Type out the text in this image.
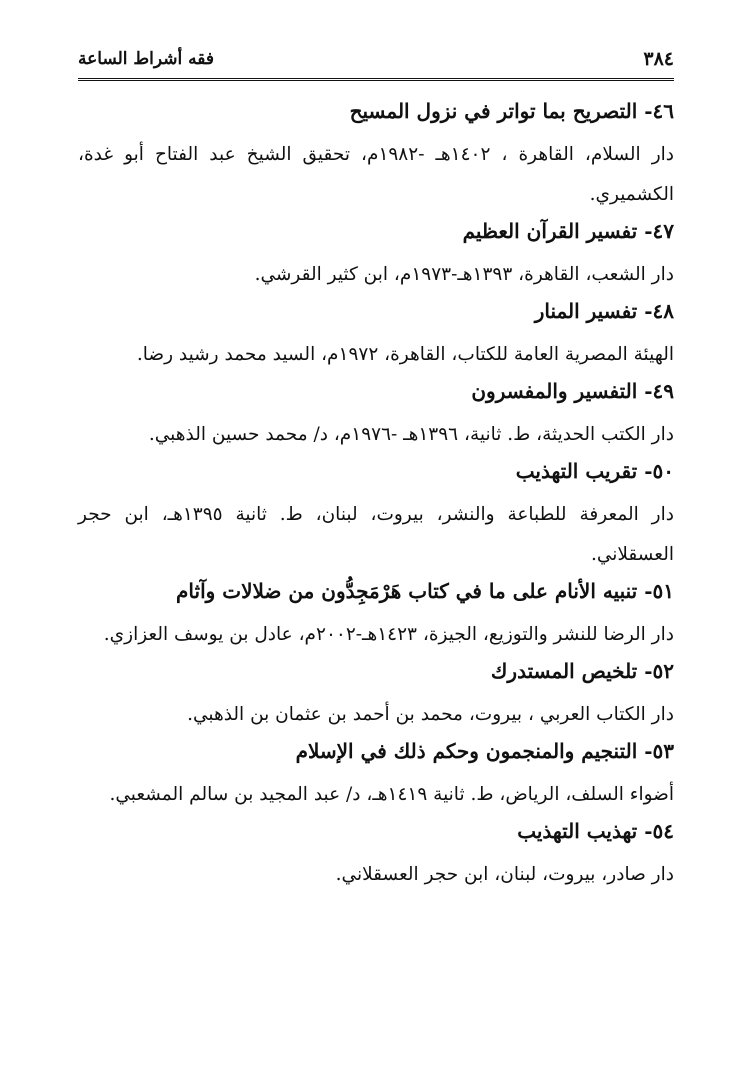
٣٨٤
فقه أشراط الساعة

٤٦- التصريح بما تواتر في نزول المسيح

دار السلام، القاهرة ، ١٤٠٢هـ -١٩٨٢م، تحقيق الشيخ عبد الفتاح أبو غدة، الكشميري.

٤٧- تفسير القرآن العظيم

دار الشعب، القاهرة، ١٣٩٣هـ-١٩٧٣م، ابن كثير القرشي.

٤٨- تفسير المنار

الهيئة المصرية العامة للكتاب، القاهرة، ١٩٧٢م، السيد محمد رشيد رضا.

٤٩- التفسير والمفسرون

دار الكتب الحديثة، ط. ثانية، ١٣٩٦هـ -١٩٧٦م، د/ محمد حسين الذهبي.

٥٠- تقريب التهذيب

دار المعرفة للطباعة والنشر، بيروت، لبنان، ط. ثانية ١٣٩٥هـ، ابن حجر العسقلاني.

٥١- تنبيه الأنام على ما في كتاب هَرْمَجِدُّون من ضلالات وآثام

دار الرضا للنشر والتوزيع، الجيزة، ١٤٢٣هـ-٢٠٠٢م، عادل بن يوسف العزازي.

٥٢- تلخيص المستدرك

دار الكتاب العربي ، بيروت، محمد بن أحمد بن عثمان بن الذهبي.

٥٣- التنجيم والمنجمون وحكم ذلك في الإسلام

أضواء السلف، الرياض، ط. ثانية ١٤١٩هـ، د/ عبد المجيد بن سالم المشعبي.

٥٤- تهذيب التهذيب

دار صادر، بيروت، لبنان، ابن حجر العسقلاني.
